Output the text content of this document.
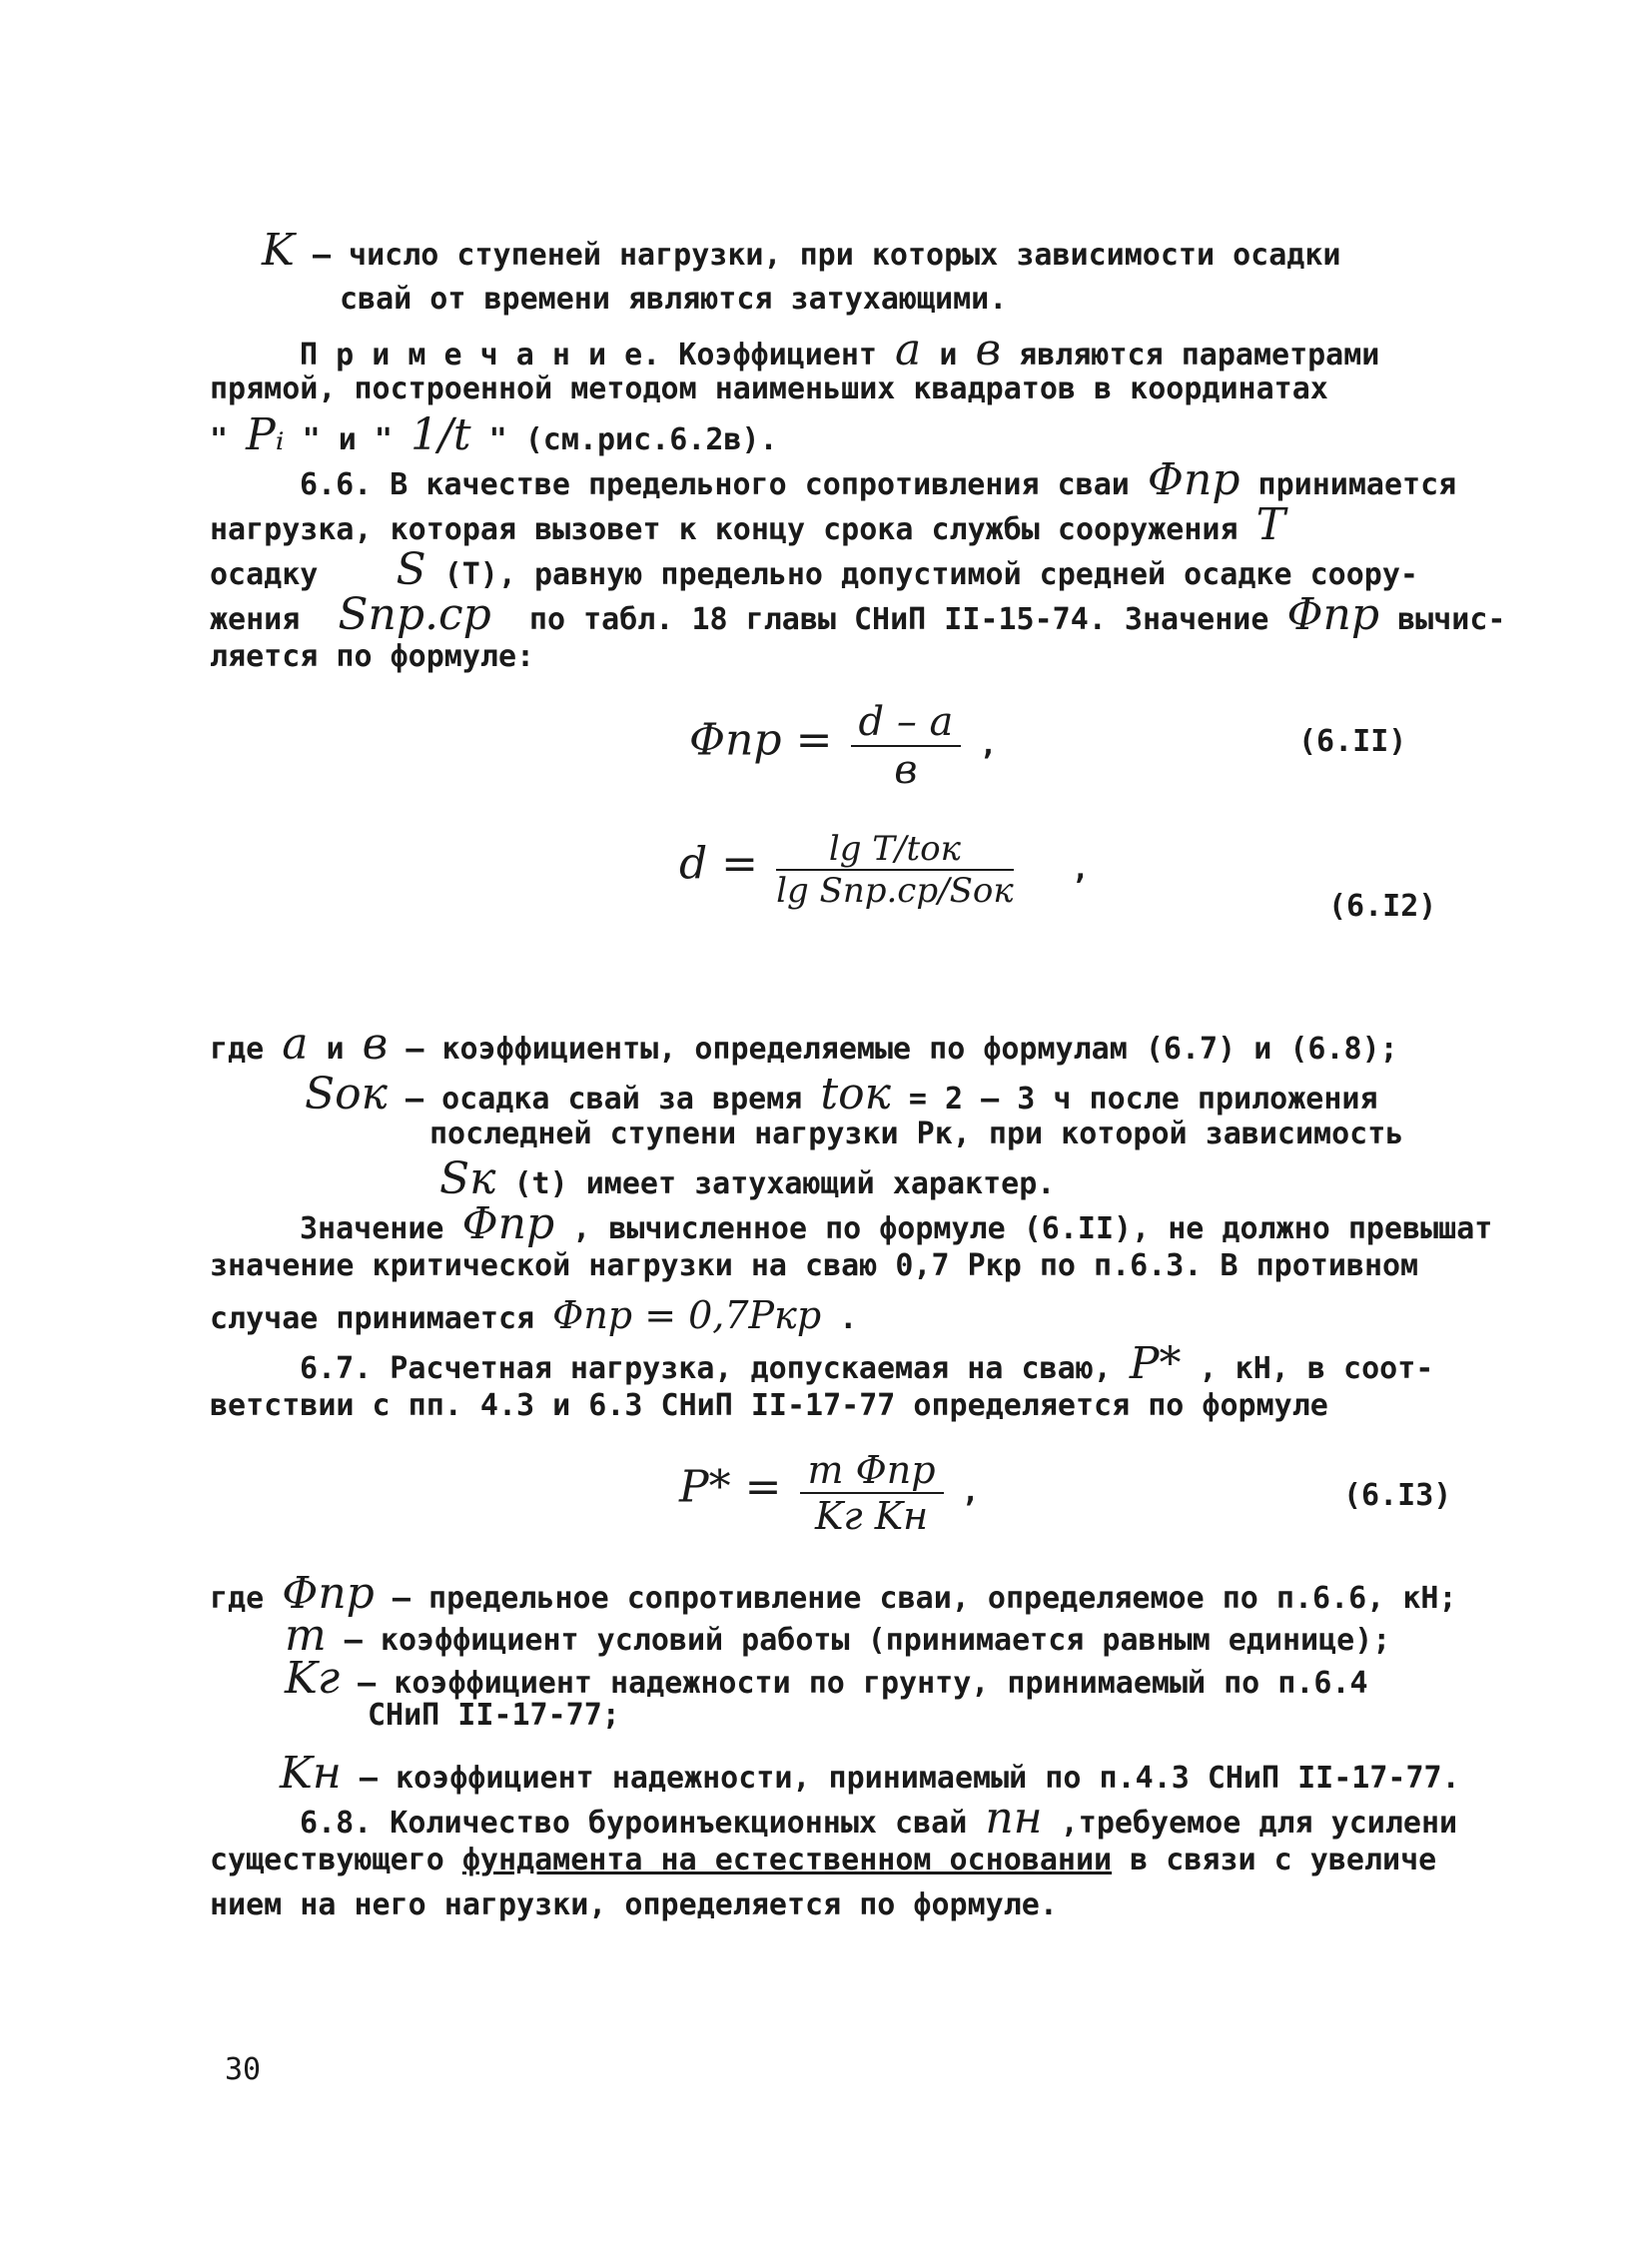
K – число ступеней нагрузки, при которых зависимости осадки
свай от времени являются затухающими.
П р и м е ч а н и е. Коэффициент a и в являются параметрами
прямой, построенной методом наименьших квадратов в координатах
" Pᵢ " и " 1/t " (см.рис.6.2в).
6.6. В качестве предельного сопротивления сваи Φпр принимается
нагрузка, которая вызовет к концу срока службы сооружения T
осадку S (T), равную предельно допустимой средней осадке соору-
жения Sпр.ср по табл. 18 главы СНиП II-15-74. Значение Φпр вычис-
ляется по формуле:
$\Phi пр = \frac{d - a}{в}$ ,	(6.II)
$d = \frac{\text{lg T/tок}}{\text{lg Sпр.ср/Sок}}$ ,
(6.I2)
где a и в – коэффициенты, определяемые по формулам (6.7) и (6.8);
Sок – осадка свай за время tок = 2 – 3 ч после приложения
последней ступени нагрузки Pк, при которой зависимость
Sк (t) имеет затухающий характер.
Значение Φпр , вычисленное по формуле (6.II), не должно превышат
значение критической нагрузки на сваю 0,7 Pкр по п.6.3. В противном
случае принимается Φпр = 0,7Pкр .
6.7. Расчетная нагрузка, допускаемая на сваю, P* , кН, в соот-
ветствии с пп. 4.3 и 6.3 СНиП II-17-77 определяется по формуле
$P* = \frac{\text{m Φпр}}{\text{Kг Kн}}$ ,	(6.I3)
где Φпр – предельное сопротивление сваи, определяемое по п.6.6, кН;
m – коэффициент условий работы (принимается равным единице);
Kг – коэффициент надежности по грунту, принимаемый по п.6.4
СНиП II-17-77;
Kн – коэффициент надежности, принимаемый по п.4.3 СНиП II-17-77.
6.8. Количество буроинъекционных свай nн ,требуемое для усилени
существующего фундамента на естественном основании в связи с увеличе
нием на него нагрузки, определяется по формуле.
30
